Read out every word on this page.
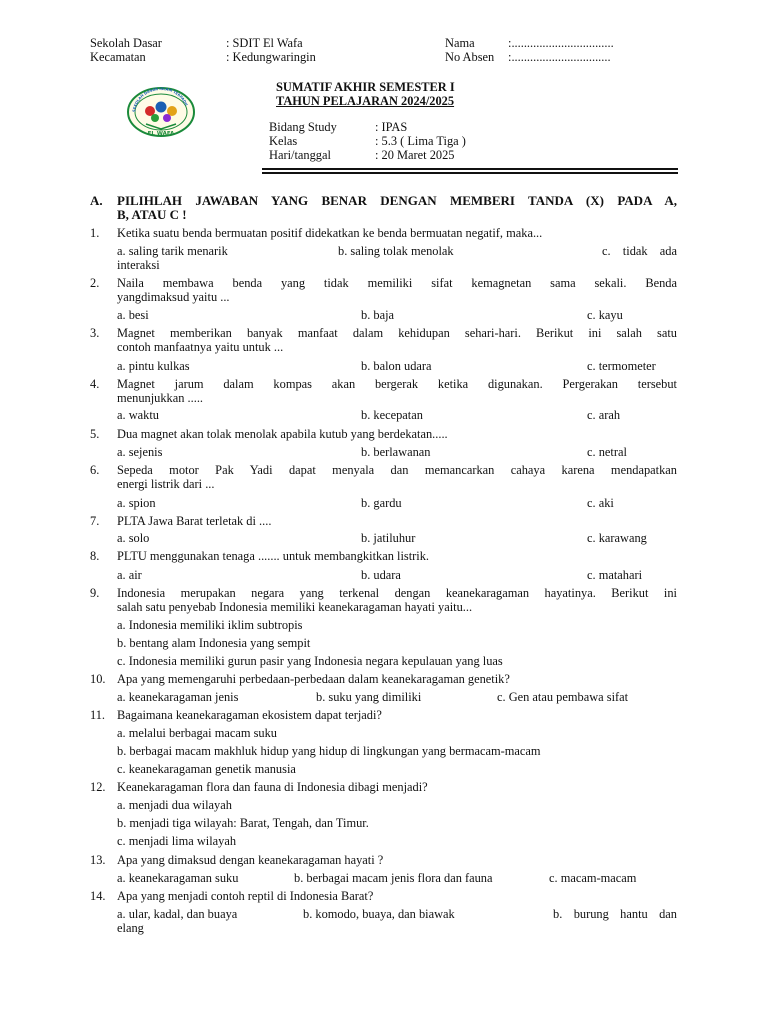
Sekolah Dasar	: SDIT El Wafa
Kecamatan	: Kedungwaringin
Nama	:.................................
No Absen :................................
SUMATIF AKHIR SEMESTER I
TAHUN PELAJARAN 2024/2025
SEKOLAH DASAR ISLAM TERPADU
EL WAFA	Bidang Study	: IPAS
Kelas	: 5.3 ( Lima Tiga )
Hari/tanggal	: 20 Maret 2025
A. PILIHLAH JAWABAN YANG BENAR DENGAN MEMBERI TANDA (X) PADA A,
B, ATAU C !
1. Ketika suatu benda bermuatan positif didekatkan ke benda bermuatan negatif, maka...
a. saling tarik menarik	b. saling tolak menolak	c. tidak ada
interaksi
2. Naila membawa benda yang tidak memiliki sifat kemagnetan sama sekali. Benda
yangdimaksud yaitu ...
a. besi	b. baja	c. kayu
3. Magnet memberikan banyak manfaat dalam kehidupan sehari-hari. Berikut ini salah satu
contoh manfaatnya yaitu untuk ...
a. pintu kulkas	b. balon udara	c. termometer
4. Magnet jarum dalam kompas akan bergerak ketika digunakan. Pergerakan tersebut
menunjukkan .....
a. waktu	b. kecepatan	c. arah
5. Dua magnet akan tolak menolak apabila kutub yang berdekatan.....
a. sejenis	b. berlawanan	c. netral
6. Sepeda motor Pak Yadi dapat menyala dan memancarkan cahaya karena mendapatkan
energi listrik dari ...
a. spion	b. gardu	c. aki
7. PLTA Jawa Barat terletak di ....
a. solo	b. jatiluhur	c. karawang
8. PLTU menggunakan tenaga ....... untuk membangkitkan listrik.
a. air	b. udara	c. matahari
9. Indonesia merupakan negara yang terkenal dengan keanekaragaman hayatinya. Berikut ini
salah satu penyebab Indonesia memiliki keanekaragaman hayati yaitu...
a. Indonesia memiliki iklim subtropis
b. bentang alam Indonesia yang sempit
c. Indonesia memiliki gurun pasir yang Indonesia negara kepulauan yang luas
10. Apa yang memengaruhi perbedaan-perbedaan dalam keanekaragaman genetik?
a. keanekaragaman jenis	b. suku yang dimiliki	c. Gen atau pembawa sifat
11. Bagaimana keanekaragaman ekosistem dapat terjadi?
a. melalui berbagai macam suku
b. berbagai macam makhluk hidup yang hidup di lingkungan yang bermacam-macam
c. keanekaragaman genetik manusia
12. Keanekaragaman flora dan fauna di Indonesia dibagi menjadi?
a. menjadi dua wilayah
b. menjadi tiga wilayah: Barat, Tengah, dan Timur.
c. menjadi lima wilayah
13. Apa yang dimaksud dengan keanekaragaman hayati ?
a. keanekaragaman suku	b. berbagai macam jenis flora dan fauna	c. macam-macam
14. Apa yang menjadi contoh reptil di Indonesia Barat?
a. ular, kadal, dan buaya	b. komodo, buaya, dan biawak	b. burung hantu dan
elang
